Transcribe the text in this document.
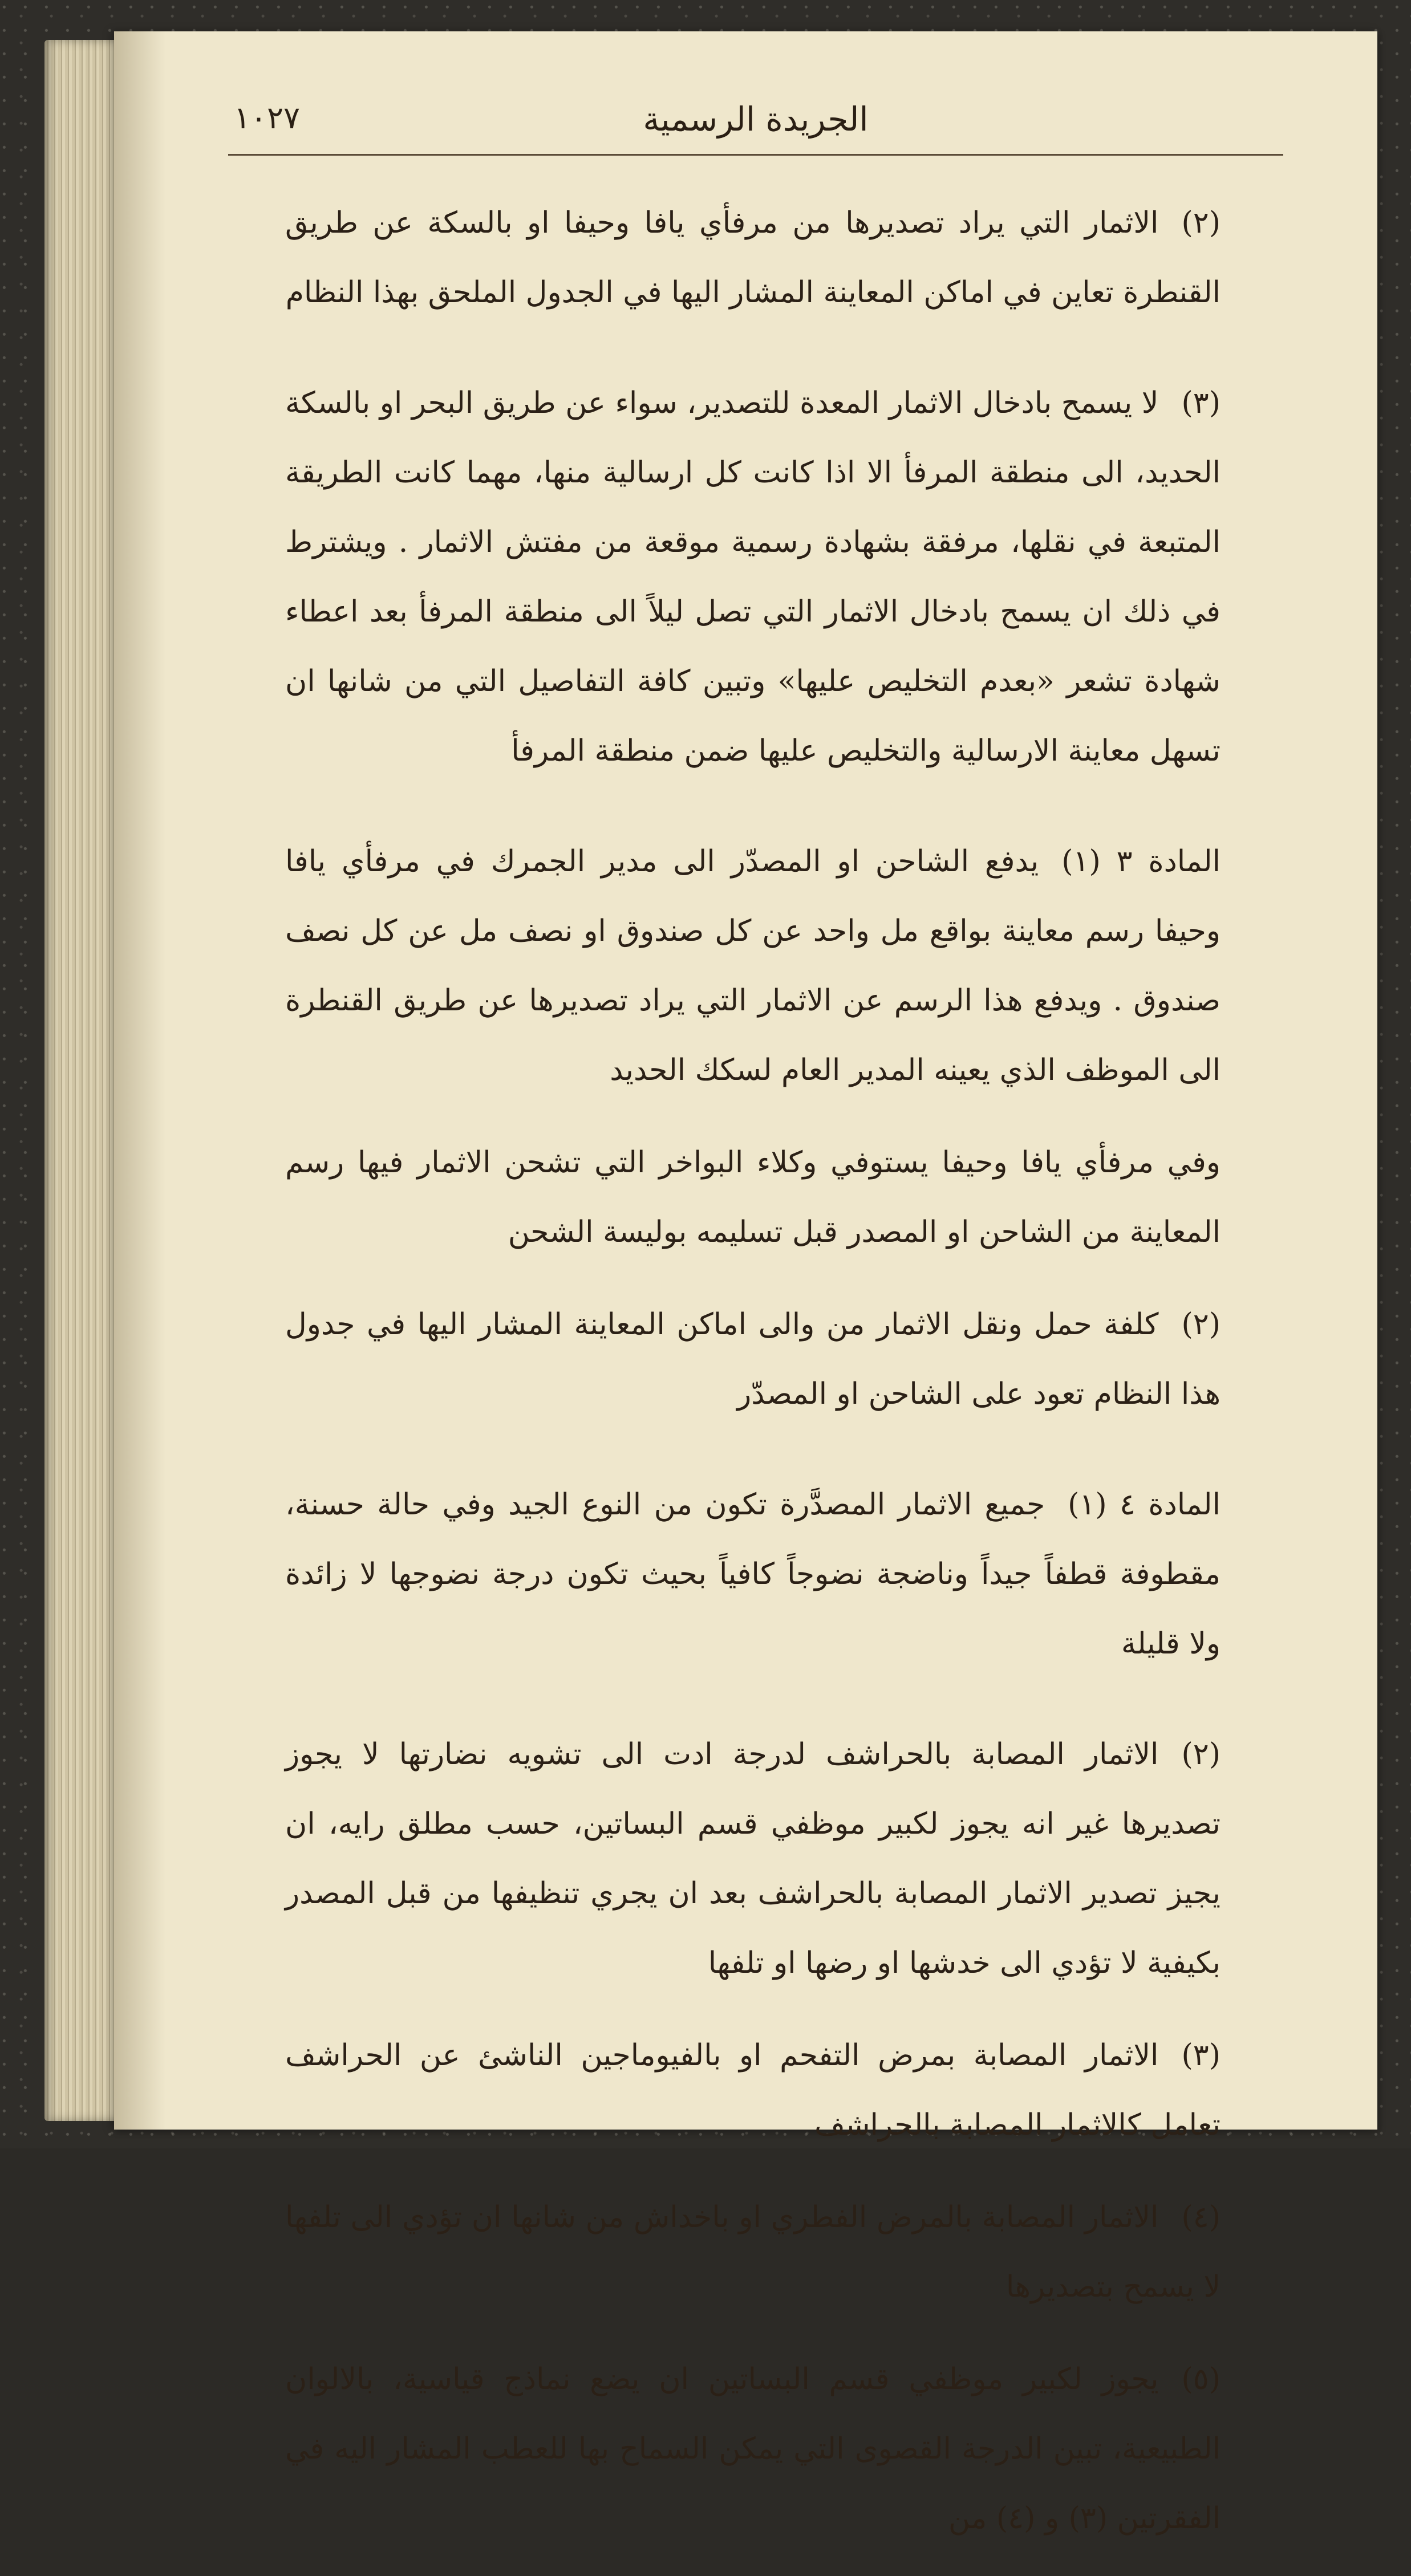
الجريدة الرسمية
١٠٢٧

(٢)الاثمار التي يراد تصديرها من مرفأي يافا وحيفا او بالسكة عن طريق القنطرة تعاين في اماكن المعاينة المشار اليها في الجدول الملحق بهذا النظام

(٣)لا يسمح بادخال الاثمار المعدة للتصدير، سواء عن طريق البحر او بالسكة الحديد، الى منطقة المرفأ الا اذا كانت كل ارسالية منها، مهما كانت الطريقة المتبعة في نقلها، مرفقة بشهادة رسمية موقعة من مفتش الاثمار . ويشترط في ذلك ان يسمح بادخال الاثمار التي تصل ليلاً الى منطقة المرفأ بعد اعطاء شهادة تشعر «بعدم التخليص عليها» وتبين كافة التفاصيل التي من شانها ان تسهل معاينة الارسالية والتخليص عليها ضمن منطقة المرفأ

المادة ٣ (١)يدفع الشاحن او المصدّر الى مدير الجمرك في مرفأي يافا وحيفا رسم معاينة بواقع مل واحد عن كل صندوق او نصف مل عن كل نصف صندوق . ويدفع هذا الرسم عن الاثمار التي يراد تصديرها عن طريق القنطرة الى الموظف الذي يعينه المدير العام لسكك الحديد

وفي مرفأي يافا وحيفا يستوفي وكلاء البواخر التي تشحن الاثمار فيها رسم المعاينة من الشاحن او المصدر قبل تسليمه بوليسة الشحن

(٢)كلفة حمل ونقل الاثمار من والى اماكن المعاينة المشار اليها في جدول هذا النظام تعود على الشاحن او المصدّر

المادة ٤ (١)جميع الاثمار المصدَّرة تكون من النوع الجيد وفي حالة حسنة، مقطوفة قطفاً جيداً وناضجة نضوجاً كافياً بحيث تكون درجة نضوجها لا زائدة ولا قليلة

(٢)الاثمار المصابة بالحراشف لدرجة ادت الى تشويه نضارتها لا يجوز تصديرها غير انه يجوز لكبير موظفي قسم البساتين، حسب مطلق رايه، ان يجيز تصدير الاثمار المصابة بالحراشف بعد ان يجري تنظيفها من قبل المصدر بكيفية لا تؤدي الى خدشها او رضها او تلفها

(٣)الاثمار المصابة بمرض التفحم او بالفيوماجين الناشئ عن الحراشف تعامل كالاثمار المصابة بالحراشف

(٤)الاثمار المصابة بالمرض الفطري او باخداش من شانها ان تؤدي الى تلفها لا يسمح بتصديرها

(٥)يجوز لكبير موظفي قسم البساتين ان يضع نماذج قياسية، بالالوان الطبيعية، تبين الدرجة القصوى التي يمكن السماح بها للعطب المشار اليه في الفقرتين (٣) و (٤) من
